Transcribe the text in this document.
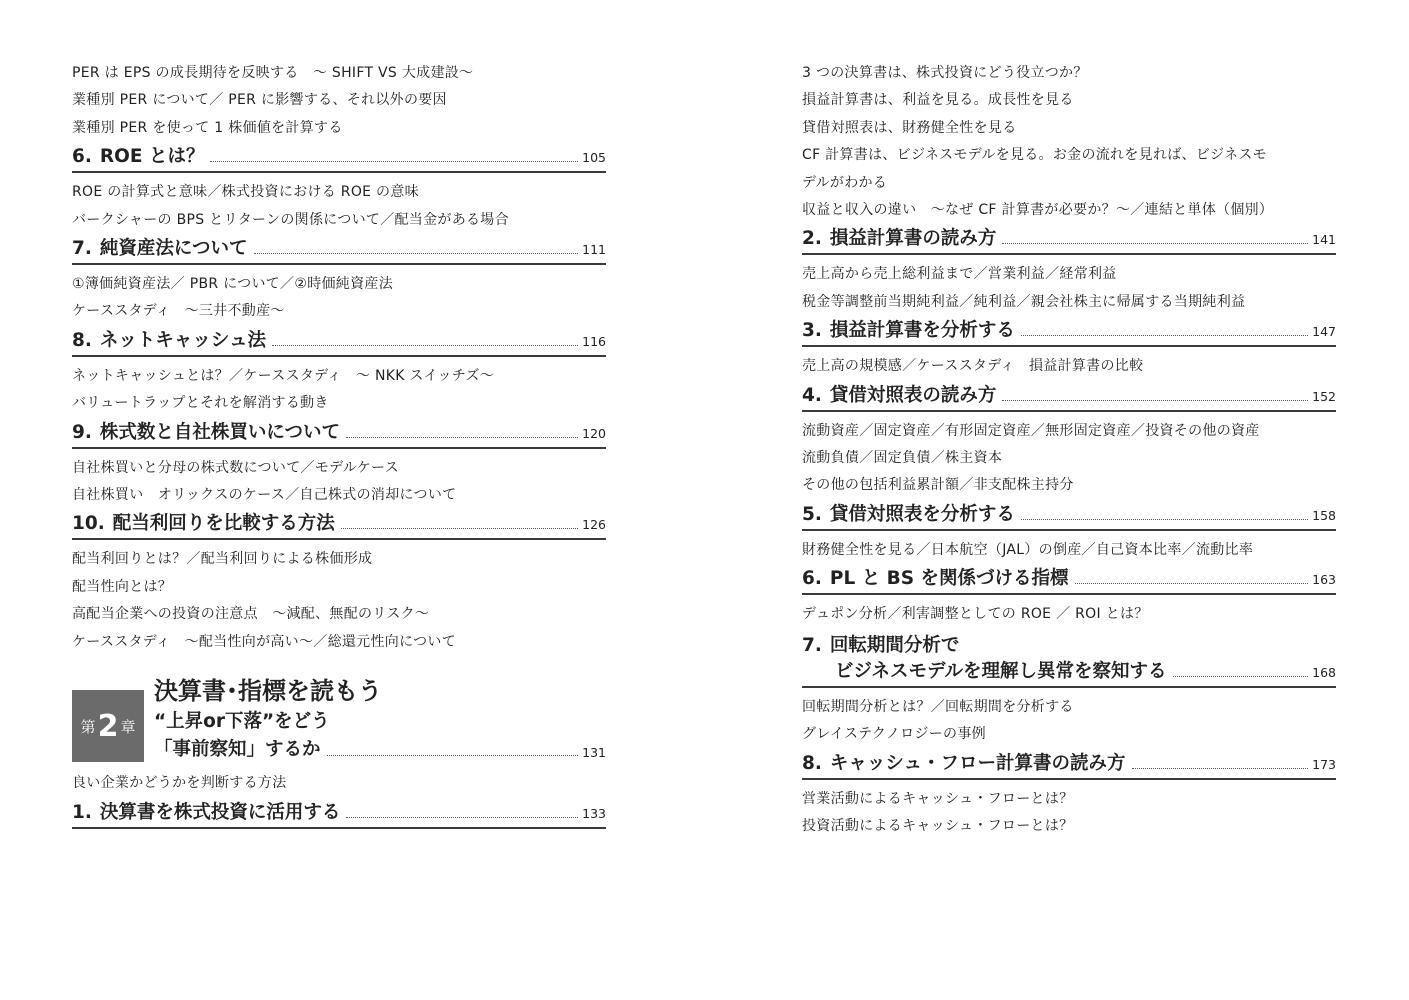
PER は EPS の成長期待を反映する　～ SHIFT VS 大成建設～
業種別 PER について／ PER に影響する、それ以外の要因
業種別 PER を使って 1 株価値を計算する
6. ROE とは？	105
ROE の計算式と意味／株式投資における ROE の意味
バークシャーの BPS とリターンの関係について／配当金がある場合
7. 純資産法について	111
①簿価純資産法／ PBR について／②時価純資産法
ケーススタディ　～三井不動産～
8. ネットキャッシュ法	116
ネットキャッシュとは？／ケーススタディ　～ NKK スイッチズ～
バリュートラップとそれを解消する動き
9. 株式数と自社株買いについて	120
自社株買いと分母の株式数について／モデルケース
自社株買い　オリックスのケース／自己株式の消却について
10. 配当利回りを比較する方法	126
配当利回りとは？／配当利回りによる株価形成
配当性向とは？
高配当企業への投資の注意点　～減配、無配のリスク～
ケーススタディ　～配当性向が高い～／総還元性向について
第 2 章
決算書･指標を読もう
“上昇or下落”をどう
「事前察知」するか	131
良い企業かどうかを判断する方法
1. 決算書を株式投資に活用する	133
3 つの決算書は、株式投資にどう役立つか？
損益計算書は、利益を見る。成長性を見る
貸借対照表は、財務健全性を見る
CF 計算書は、ビジネスモデルを見る。お金の流れを見れば、ビジネスモ
デルがわかる
収益と収入の違い　～なぜ CF 計算書が必要か？～／連結と単体（個別）
2. 損益計算書の読み方	141
売上高から売上総利益まで／営業利益／経常利益
税金等調整前当期純利益／純利益／親会社株主に帰属する当期純利益
3. 損益計算書を分析する	147
売上高の規模感／ケーススタディ　損益計算書の比較
4. 貸借対照表の読み方	152
流動資産／固定資産／有形固定資産／無形固定資産／投資その他の資産
流動負債／固定負債／株主資本
その他の包括利益累計額／非支配株主持分
5. 貸借対照表を分析する	158
財務健全性を見る／日本航空（JAL）の倒産／自己資本比率／流動比率
6. PL と BS を関係づける指標	163
デュポン分析／利害調整としての ROE ／ ROI とは？
7. 回転期間分析で
ビジネスモデルを理解し異常を察知する	168
回転期間分析とは？／回転期間を分析する
グレイステクノロジーの事例
8. キャッシュ・フロー計算書の読み方	173
営業活動によるキャッシュ・フローとは？
投資活動によるキャッシュ・フローとは？
